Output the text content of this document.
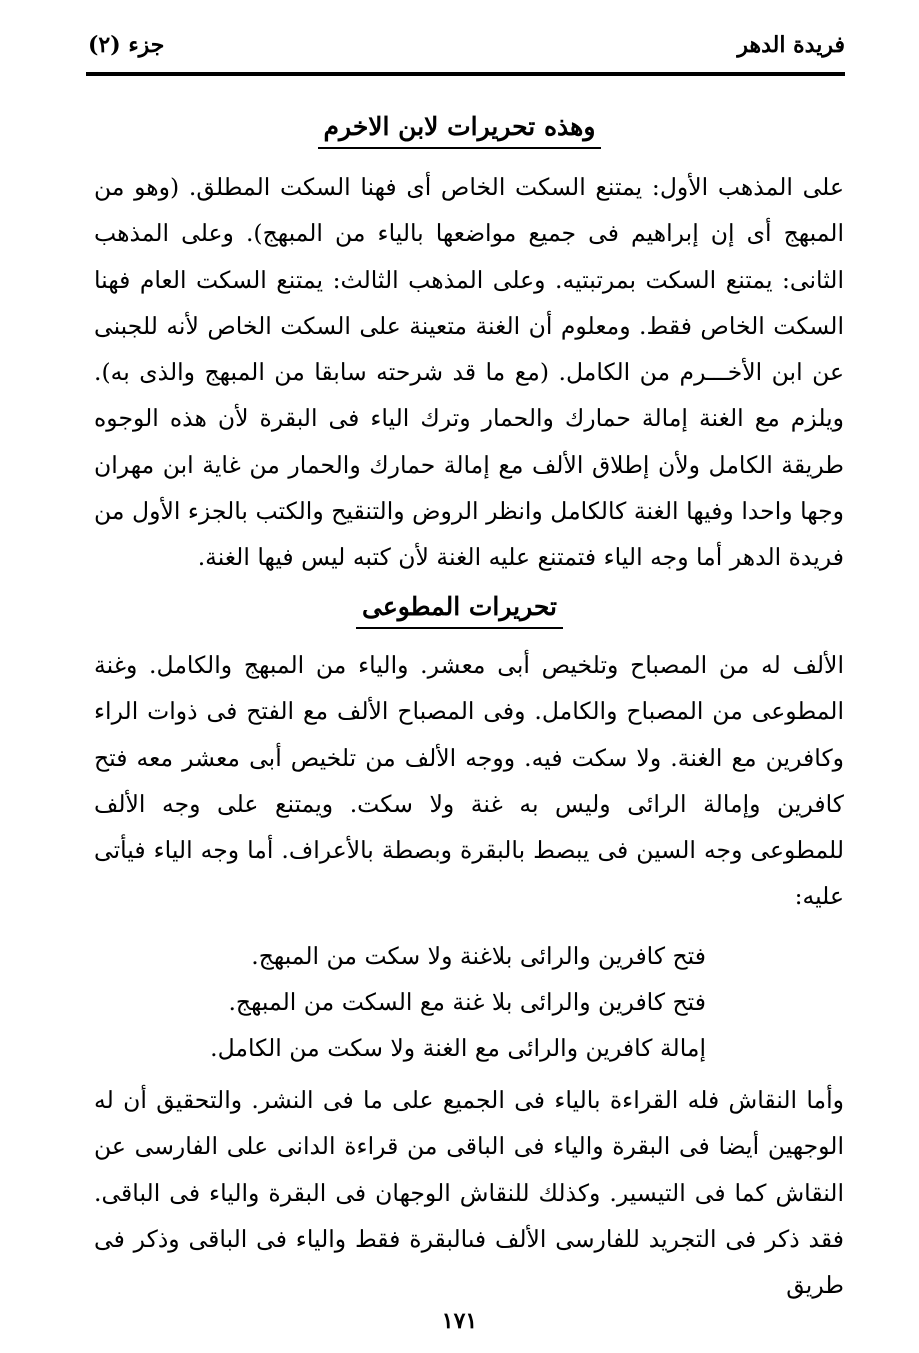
فريدة الدهر
جزء (٢)
وهذه تحريرات لابن الاخرم
على المذهب الأول: يمتنع السكت الخاص أى فهنا السكت المطلق. (وهو من المبهج أى إن إبراهيم فى جميع مواضعها بالياء من المبهج). وعلى المذهب الثانى: يمتنع السكت بمرتبتيه. وعلى المذهب الثالث: يمتنع السكت العام فهنا السكت الخاص فقط. ومعلوم أن الغنة متعينة على السكت الخاص لأنه للجبنى عن ابن الأخـــرم من الكامل. (مع ما قد شرحته سابقا من المبهج والذى به). ويلزم مع الغنة إمالة حمارك والحمار وترك الياء فى البقرة لأن هذه الوجوه طريقة الكامل ولأن إطلاق الألف مع إمالة حمارك والحمار من غاية ابن مهران وجها واحدا وفيها الغنة كالكامل وانظر الروض والتنقيح والكتب بالجزء الأول من فريدة الدهر أما وجه الياء فتمتنع عليه الغنة لأن كتبه ليس فيها الغنة.
تحريرات المطوعى
الألف له من المصباح وتلخيص أبى معشر. والياء من المبهج والكامل. وغنة المطوعى من المصباح والكامل. وفى المصباح الألف مع الفتح فى ذوات الراء وكافرين مع الغنة. ولا سكت فيه. ووجه الألف من تلخيص أبى معشر معه فتح كافرين وإمالة الرائى وليس به غنة ولا سكت. ويمتنع على وجه الألف للمطوعى وجه السين فى يبصط بالبقرة وبصطة بالأعراف. أما وجه الياء فيأتى عليه:
فتح كافرين والرائى بلاغنة ولا سكت من المبهج.
فتح كافرين والرائى بلا غنة مع السكت من المبهج.
إمالة كافرين والرائى مع الغنة ولا سكت من الكامل.
وأما النقاش فله القراءة بالياء فى الجميع على ما فى النشر. والتحقيق أن له الوجهين أيضا فى البقرة والياء فى الباقى من قراءة الدانى على الفارسى عن النقاش كما فى التيسير. وكذلك للنقاش الوجهان فى البقرة والياء فى الباقى. فقد ذكر فى التجريد للفارسى الألف فىالبقرة فقط والياء فى الباقى وذكر فى طريق
١٧١
